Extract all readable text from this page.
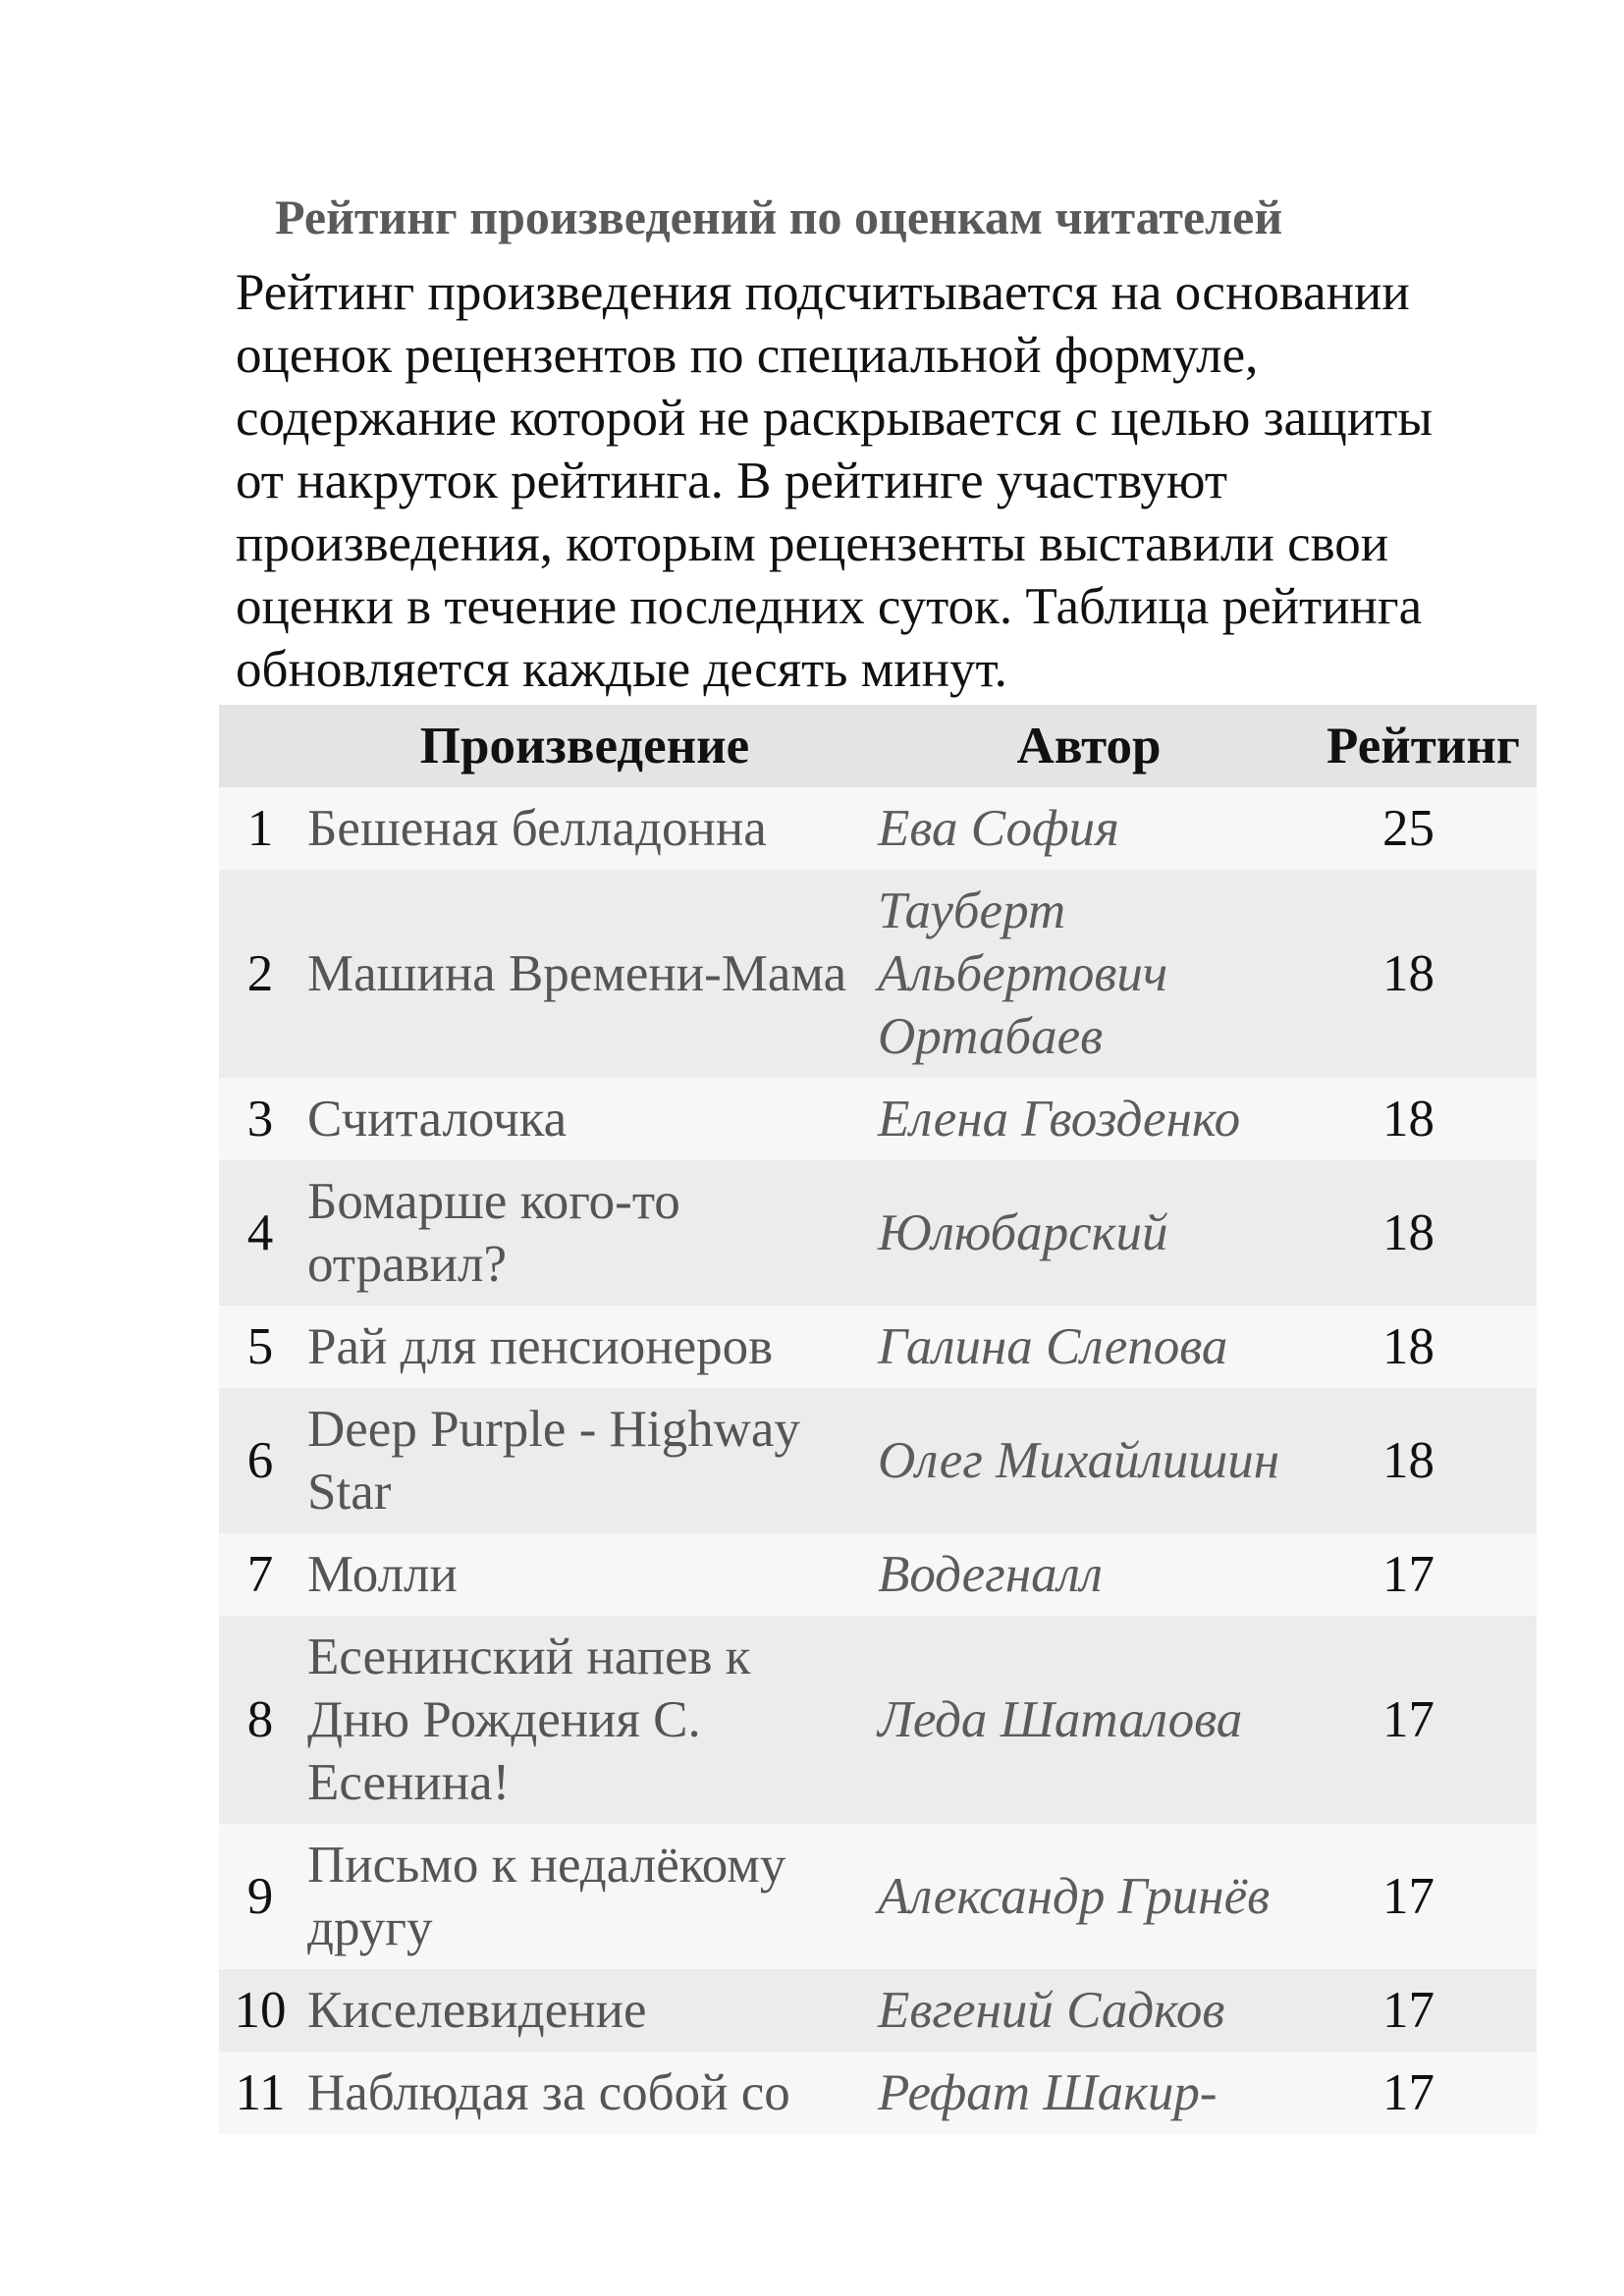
Рейтинг произведений по оценкам читателей

Рейтинг произведения подсчитывается на основании
оценок рецензентов по специальной формуле,
содержание которой не раскрывается с целью защиты
от накруток рейтинга. В рейтинге участвуют
произведения, которым рецензенты выставили свои
оценки в течение последних суток. Таблица рейтинга
обновляется каждые десять минут.

	Произведение	Автор	Рейтинг
1	Бешеная белладонна	Ева София	25
2	Машина Времени-Мама	Тауберт Альбертович Ортабаев	18
3	Считалочка	Елена Гвозденко	18
4	Бомарше кого-то отравил?	Юлюбарский	18
5	Рай для пенсионеров	Галина Слепова	18
6	Deep Purple - Highway Star	Олег Михайлишин	18
7	Молли	Водегналл	17
8	Есенинский напев к Дню Рождения С. Есенина!	Леда Шаталова	17
9	Письмо к недалёкому другу	Александр Гринёв	17
10	Киселевидение	Евгений Садков	17
11	Наблюдая за собой со	Рефат Шакир-	17
